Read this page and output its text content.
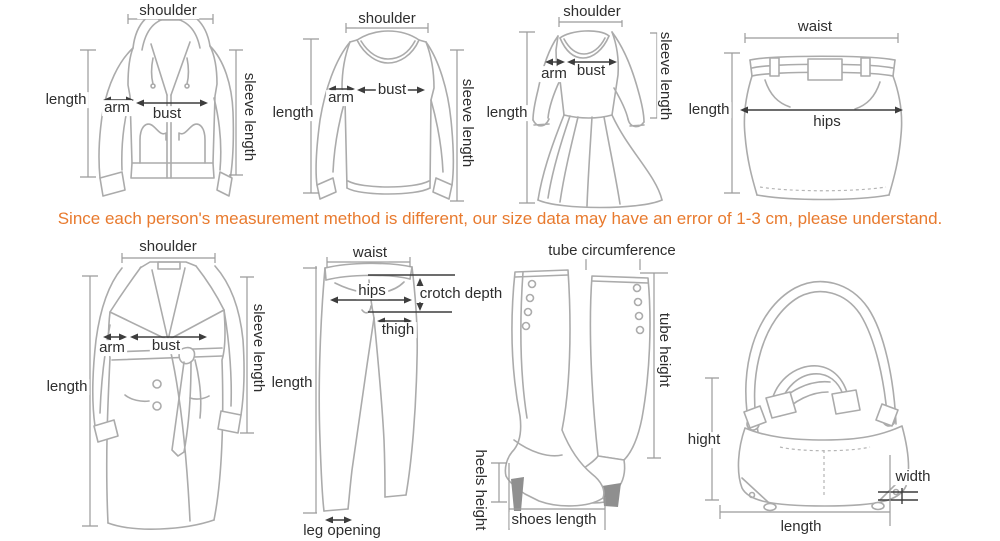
shoulder
length arm bust	sleeve length
shoulder
length
arm bust	sleeve length
shoulder
length
arm bust	sleeve length
waist
length
hips
shoulder
length
arm bust	sleeve length
waist
hips crotch depth
thigh
length
leg opening
tube circumference
tube height
heels height shoes length
hight
width
length
Since each person's measurement method is different, our size data may have an error of 1-3 cm, please understand.
